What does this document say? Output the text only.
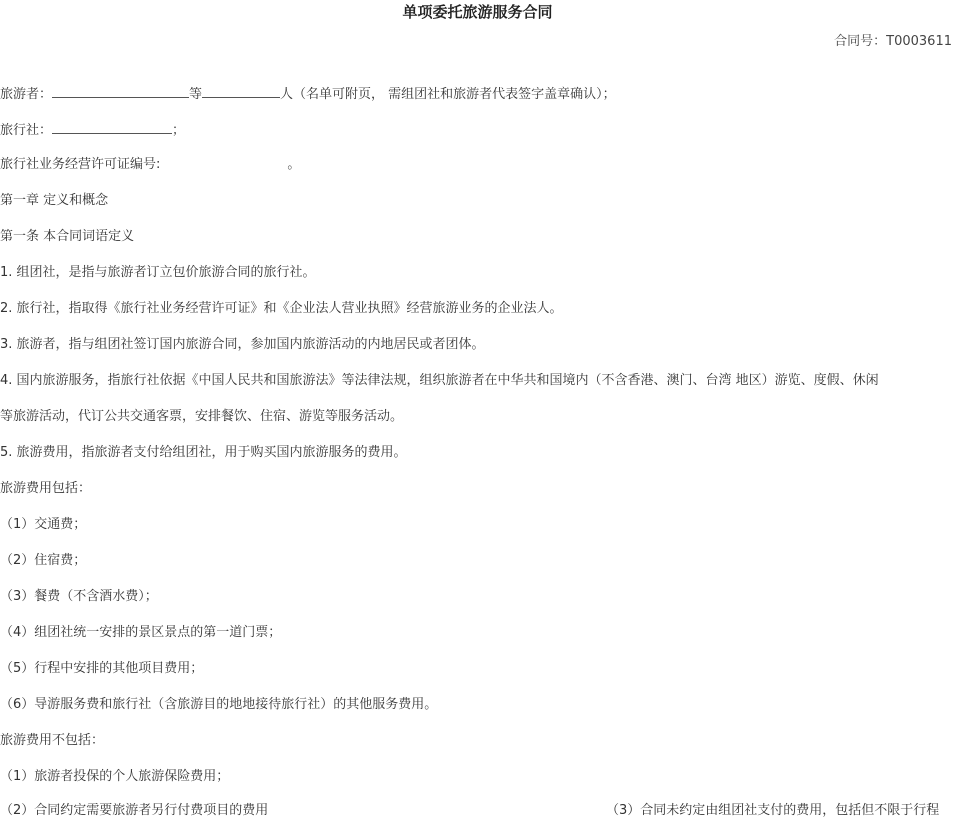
单项委托旅游服务合同
合同号：T0003611
旅游者：	等	人（名单可附页， 需组团社和旅游者代表签字盖章确认）；
旅行社：	；
旅行社业务经营许可证编号:	。
第一章 定义和概念
第一条 本合同词语定义
1. 组团社，是指与旅游者订立包价旅游合同的旅行社。
2. 旅行社，指取得《旅行社业务经营许可证》和《企业法人营业执照》经营旅游业务的企业法人。
3. 旅游者，指与组团社签订国内旅游合同，参加国内旅游活动的内地居民或者团体。
4. 国内旅游服务，指旅行社依据《中国人民共和国旅游法》等法律法规，组织旅游者在中华共和国境内（不含香港、澳门、台湾 地区）游览、度假、休闲
等旅游活动，代订公共交通客票，安排餐饮、住宿、游览等服务活动。
5. 旅游费用，指旅游者支付给组团社，用于购买国内旅游服务的费用。
旅游费用包括：
（1）交通费；
（2）住宿费；
（3）餐费（不含酒水费）；
（4）组团社统一安排的景区景点的第一道门票；
（5）行程中安排的其他项目费用；
（6）导游服务费和旅行社（含旅游目的地地接待旅行社）的其他服务费用。
旅游费用不包括：
（1）旅游者投保的个人旅游保险费用；
（2）合同约定需要旅游者另行付费项目的费用	（3）合同未约定由组团社支付的费用，包括但不限于行程
